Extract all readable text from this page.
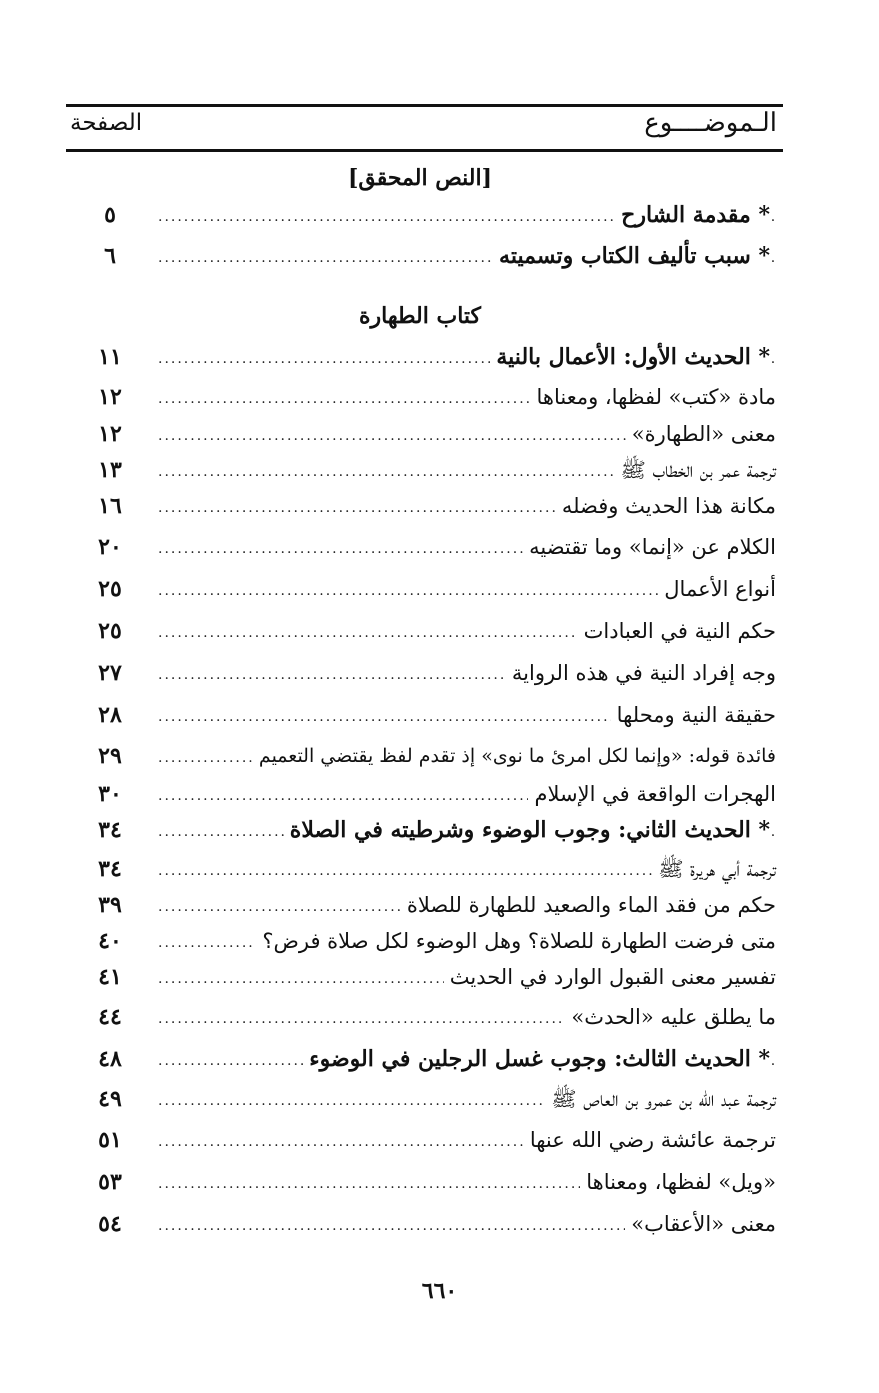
الـموضــــوع
الصفحة
[النص المحقق]
٥ .....	* مقدمة الشارح
٦ .....	* سبب تأليف الكتاب وتسميته
كتاب الطهارة
١١ .....	* الحديث الأول: الأعمال بالنية
١٢ .....	مادة «كتب» لفظها، ومعناها
١٢ .....	معنى «الطهارة»
١٣ .....	ترجمة عمر بن الخطاب ﷺ
١٦ .....	مكانة هذا الحديث وفضله
٢٠ .....	الكلام عن «إنما» وما تقتضيه
٢٥ .....	أنواع الأعمال
٢٥ .....	حكم النية في العبادات
٢٧ .....	وجه إفراد النية في هذه الرواية
٢٨ .....	حقيقة النية ومحلها
٢٩ .....	فائدة قوله: «وإنما لكل امرئ ما نوى» إذ تقدم لفظ يقتضي التعميم
٣٠ .....	الهجرات الواقعة في الإسلام
٣٤ .....	* الحديث الثاني: وجوب الوضوء وشرطيته في الصلاة
٣٤ .....	ترجمة أبي هريرة ﷺ
٣٩ .....	حكم من فقد الماء والصعيد للطهارة للصلاة
٤٠ .....	متى فرضت الطهارة للصلاة؟ وهل الوضوء لكل صلاة فرض؟
٤١ .....	تفسير معنى القبول الوارد في الحديث
٤٤ .....	ما يطلق عليه «الحدث»
٤٨ .....	* الحديث الثالث: وجوب غسل الرجلين في الوضوء
٤٩ .....	ترجمة عبد الله بن عمرو بن العاص ﷺ
٥١ .....	ترجمة عائشة رضي الله عنها
٥٣ .....	«ويل» لفظها، ومعناها
٥٤ .....	معنى «الأعقاب»
٦٦٠
